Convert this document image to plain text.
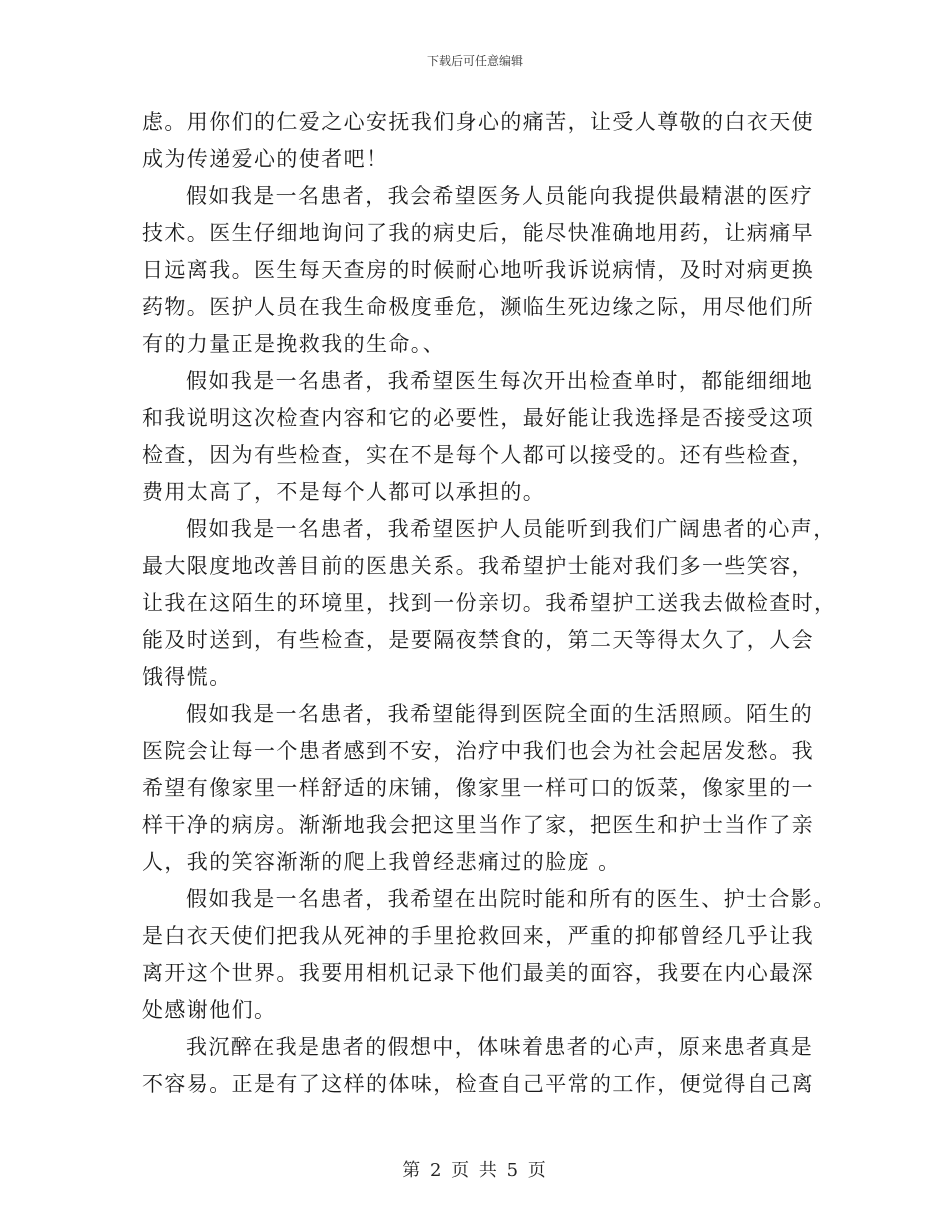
下载后可任意编辑
虑。用你们的仁爱之心安抚我们身心的痛苦，让受人尊敬的白衣天使
成为传递爱心的使者吧！
假如我是一名患者，我会希望医务人员能向我提供最精湛的医疗
技术。医生仔细地询问了我的病史后，能尽快准确地用药，让病痛早
日远离我。医生每天查房的时候耐心地听我诉说病情，及时对病更换
药物。医护人员在我生命极度垂危，濒临生死边缘之际，用尽他们所
有的力量正是挽救我的生命。、
假如我是一名患者，我希望医生每次开出检查单时，都能细细地
和我说明这次检查内容和它的必要性，最好能让我选择是否接受这项
检查，因为有些检查，实在不是每个人都可以接受的。还有些检查，
费用太高了，不是每个人都可以承担的。
假如我是一名患者，我希望医护人员能听到我们广阔患者的心声，
最大限度地改善目前的医患关系。我希望护士能对我们多一些笑容，
让我在这陌生的环境里，找到一份亲切。我希望护工送我去做检查时，
能及时送到，有些检查，是要隔夜禁食的，第二天等得太久了，人会
饿得慌。
假如我是一名患者，我希望能得到医院全面的生活照顾。陌生的
医院会让每一个患者感到不安，治疗中我们也会为社会起居发愁。我
希望有像家里一样舒适的床铺，像家里一样可口的饭菜，像家里的一
样干净的病房。渐渐地我会把这里当作了家，把医生和护士当作了亲
人，我的笑容渐渐的爬上我曾经悲痛过的脸庞 。
假如我是一名患者，我希望在出院时能和所有的医生、护士合影。
是白衣天使们把我从死神的手里抢救回来，严重的抑郁曾经几乎让我
离开这个世界。我要用相机记录下他们最美的面容，我要在内心最深
处感谢他们。
我沉醉在我是患者的假想中，体味着患者的心声，原来患者真是
不容易。正是有了这样的体味，检查自己平常的工作，便觉得自己离
第 2 页 共 5 页
